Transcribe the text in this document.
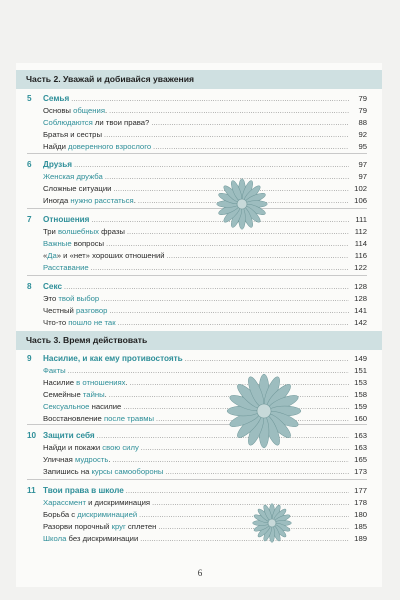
Часть 2. Уважай и добивайся уважения
5	Семья .....	79
Основы общения. .....	79
Соблюдаются ли твои права? .....	88
Братья и сестры .....	92
Найди доверенного взрослого .....	95
6	Друзья .....	97
Женская дружба .....	97
Сложные ситуации .....	102
Иногда нужно расстаться. .....	106
7	Отношения .....	111
Три волшебных фразы .....	112
Важные вопросы .....	114
«Да» и «нет» хороших отношений .....	116
Расставание .....	122
8	Секс .....	128
Это твой выбор .....	128
Честный разговор .....	141
Что-то пошло не так .....	142
Часть 3. Время действовать
9	Насилие, и как ему противостоять .....	149
Факты .....	151
Насилие в отношениях. .....	153
Семейные тайны. .....	158
Сексуальное насилие .....	159
Восстановление после травмы .....	160
10 Защити себя .....	163
Найди и покажи свою силу .....	163
Уличная мудрость. .....	165
Запишись на курсы самообороны .....	173
11 Твои права в школе .....	177
Харассмент и дискриминация .....	178
Борьба с дискриминацией .....	180
Разорви порочный круг сплетен .....	185
Школа без дискриминации .....	189
6
